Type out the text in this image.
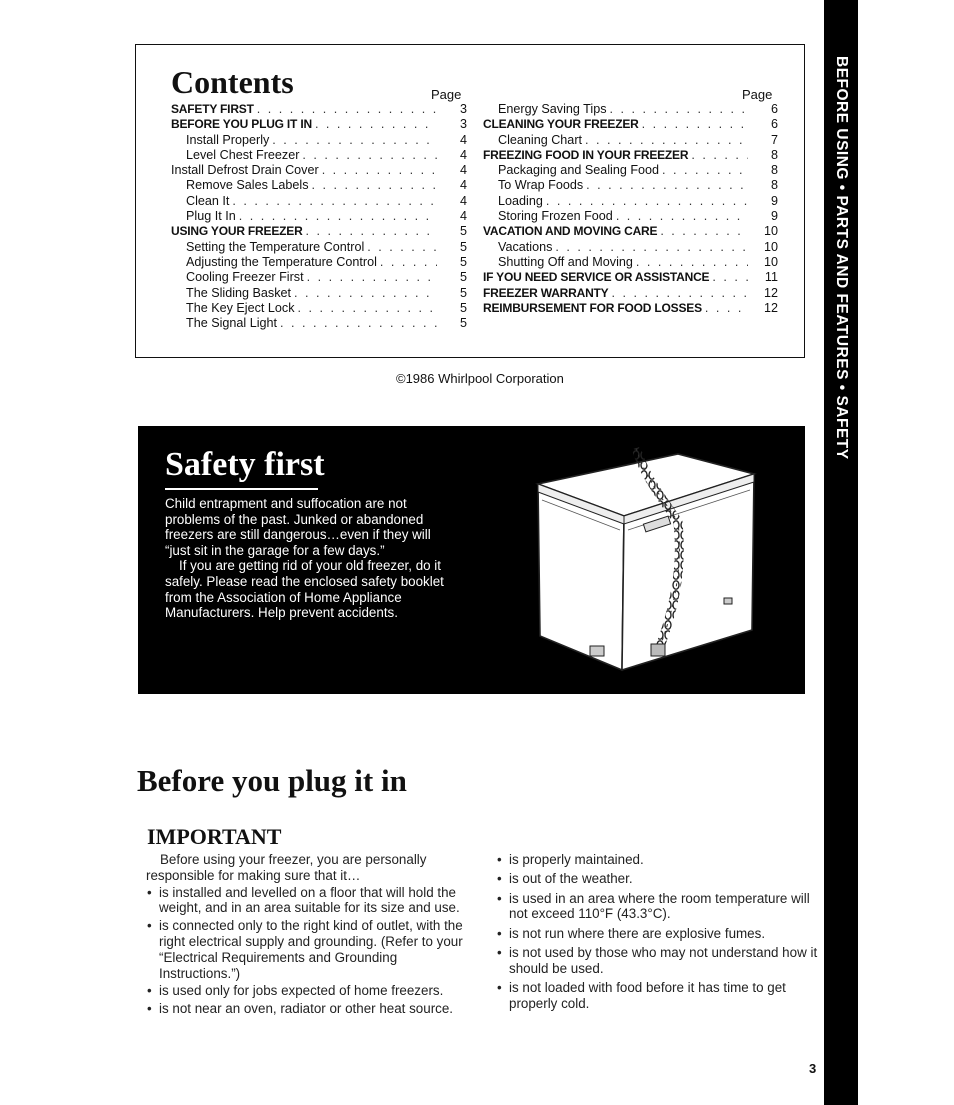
BEFORE USING • PARTS AND FEATURES • SAFETY
Contents	Page	Page
SAFETY FIRST . . .	3
BEFORE YOU PLUG IT IN . . .	3
Install Properly . . .	4
Level Chest Freezer . . .	4
Install Defrost Drain Cover . . .	4
Remove Sales Labels . . .	4
Clean It . . .	4
Plug It In . . .	4
USING YOUR FREEZER . . .	5
Setting the Temperature Control . . .	5
Adjusting the Temperature Control . . .	5
Cooling Freezer First . . .	5
The Sliding Basket . . .	5
The Key Eject Lock . . .	5
The Signal Light . . .	5
Energy Saving Tips . . .	6
CLEANING YOUR FREEZER . . .	6
Cleaning Chart . . .	7
FREEZING FOOD IN YOUR FREEZER . . .	8
Packaging and Sealing Food . . .	8
To Wrap Foods . . .	8
Loading . . .	9
Storing Frozen Food . . .	9
VACATION AND MOVING CARE . . .	10
Vacations . . .	10
Shutting Off and Moving . . .	10
IF YOU NEED SERVICE OR ASSISTANCE . . .	11
FREEZER WARRANTY . . .	12
REIMBURSEMENT FOR FOOD LOSSES . . .	12
©1986 Whirlpool Corporation
Safety first

Child entrapment and suffocation are not problems of the past. Junked or abandoned freezers are still dangerous…even if they will “just sit in the garage for a few days.”

If you are getting rid of your old freezer, do it safely. Please read the enclosed safety booklet from the Association of Home Appliance Manufacturers. Help prevent accidents.

Before you plug it in
IMPORTANT

Before using your freezer, you are personally responsible for making sure that it…

• is installed and levelled on a floor that will hold the weight, and in an area suitable for its size and use.
• is connected only to the right kind of outlet, with the right electrical supply and grounding. (Refer to your “Electrical Requirements and Grounding Instructions.”)
• is used only for jobs expected of home freezers.
• is not near an oven, radiator or other heat source.
• is properly maintained.
• is out of the weather.
• is used in an area where the room temperature will not exceed 110°F (43.3°C).
• is not run where there are explosive fumes.
• is not used by those who may not understand how it should be used.
• is not loaded with food before it has time to get properly cold.
3
